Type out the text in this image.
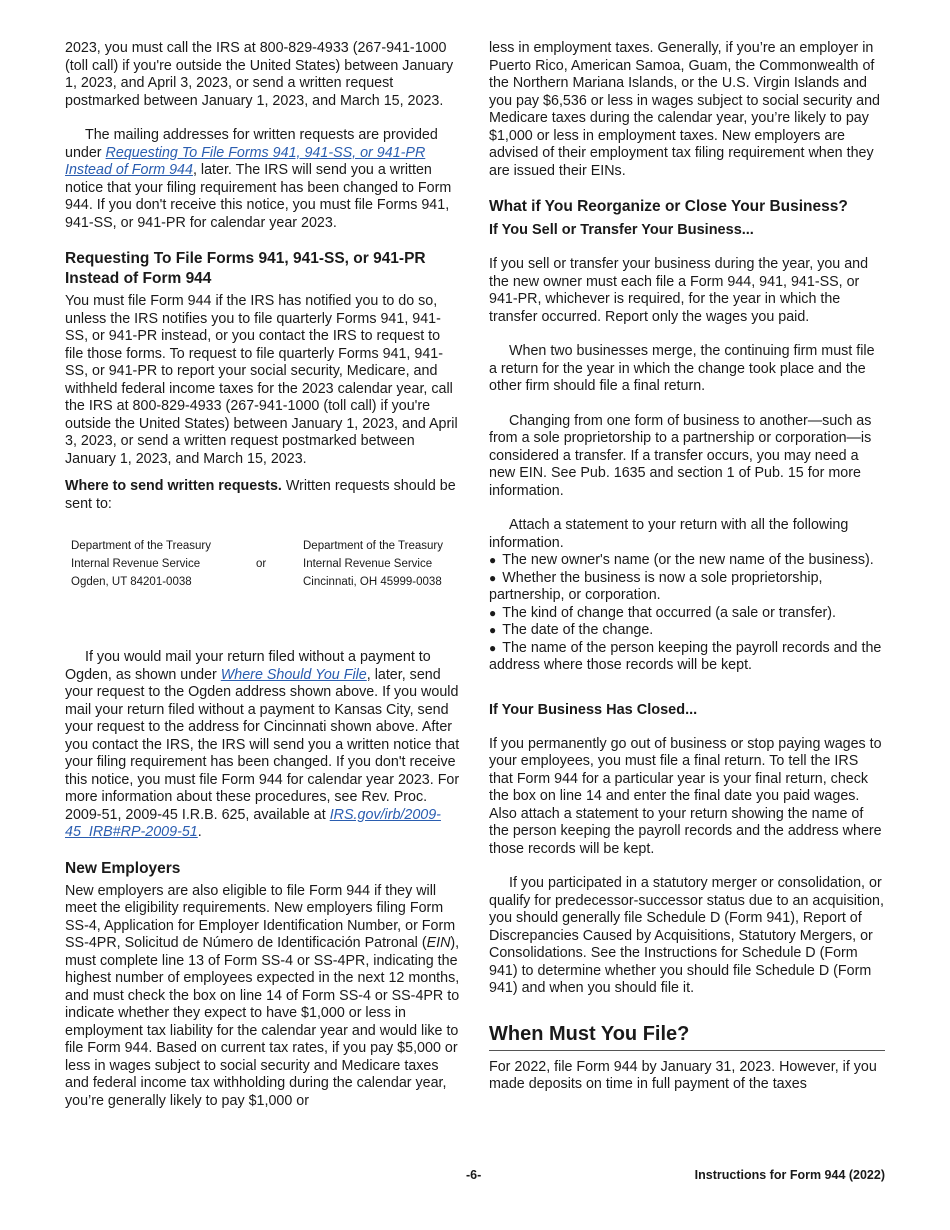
2023, you must call the IRS at 800-829-4933 (267-941-1000 (toll call) if you're outside the United States) between January 1, 2023, and April 3, 2023, or send a written request postmarked between January 1, 2023, and March 15, 2023.

The mailing addresses for written requests are provided under Requesting To File Forms 941, 941-SS, or 941-PR Instead of Form 944, later. The IRS will send you a written notice that your filing requirement has been changed to Form 944. If you don't receive this notice, you must file Forms 941, 941-SS, or 941-PR for calendar year 2023.

Requesting To File Forms 941, 941-SS, or 941-PR Instead of Form 944

You must file Form 944 if the IRS has notified you to do so, unless the IRS notifies you to file quarterly Forms 941, 941-SS, or 941-PR instead, or you contact the IRS to request to file those forms. To request to file quarterly Forms 941, 941-SS, or 941-PR to report your social security, Medicare, and withheld federal income taxes for the 2023 calendar year, call the IRS at 800-829-4933 (267-941-1000 (toll call) if you're outside the United States) between January 1, 2023, and April 3, 2023, or send a written request postmarked between January 1, 2023, and March 15, 2023.

Where to send written requests. Written requests should be sent to:

Department of the Treasury
Internal Revenue Service
Ogden, UT 84201-0038
or
Department of the Treasury
Internal Revenue Service
Cincinnati, OH 45999-0038

If you would mail your return filed without a payment to Ogden, as shown under Where Should You File, later, send your request to the Ogden address shown above. If you would mail your return filed without a payment to Kansas City, send your request to the address for Cincinnati shown above. After you contact the IRS, the IRS will send you a written notice that your filing requirement has been changed. If you don't receive this notice, you must file Form 944 for calendar year 2023. For more information about these procedures, see Rev. Proc. 2009-51, 2009-45 I.R.B. 625, available at IRS.gov/irb/2009-45_IRB#RP-2009-51.

New Employers

New employers are also eligible to file Form 944 if they will meet the eligibility requirements. New employers filing Form SS-4, Application for Employer Identification Number, or Form SS-4PR, Solicitud de Número de Identificación Patronal (EIN), must complete line 13 of Form SS-4 or SS-4PR, indicating the highest number of employees expected in the next 12 months, and must check the box on line 14 of Form SS-4 or SS-4PR to indicate whether they expect to have $1,000 or less in employment tax liability for the calendar year and would like to file Form 944. Based on current tax rates, if you pay $5,000 or less in wages subject to social security and Medicare taxes and federal income tax withholding during the calendar year, you’re generally likely to pay $1,000 or

less in employment taxes. Generally, if you’re an employer in Puerto Rico, American Samoa, Guam, the Commonwealth of the Northern Mariana Islands, or the U.S. Virgin Islands and you pay $6,536 or less in wages subject to social security and Medicare taxes during the calendar year, you’re likely to pay $1,000 or less in employment taxes. New employers are advised of their employment tax filing requirement when they are issued their EINs.

What if You Reorganize or Close Your Business?
If You Sell or Transfer Your Business...

If you sell or transfer your business during the year, you and the new owner must each file a Form 944, 941, 941-SS, or 941-PR, whichever is required, for the year in which the transfer occurred. Report only the wages you paid.

When two businesses merge, the continuing firm must file a return for the year in which the change took place and the other firm should file a final return.

Changing from one form of business to another—such as from a sole proprietorship to a partnership or corporation—is considered a transfer. If a transfer occurs, you may need a new EIN. See Pub. 1635 and section 1 of Pub. 15 for more information.

Attach a statement to your return with all the following information.

● The new owner's name (or the new name of the business).
● Whether the business is now a sole proprietorship, partnership, or corporation.
● The kind of change that occurred (a sale or transfer).
● The date of the change.
● The name of the person keeping the payroll records and the address where those records will be kept.
If Your Business Has Closed...

If you permanently go out of business or stop paying wages to your employees, you must file a final return. To tell the IRS that Form 944 for a particular year is your final return, check the box on line 14 and enter the final date you paid wages. Also attach a statement to your return showing the name of the person keeping the payroll records and the address where those records will be kept.

If you participated in a statutory merger or consolidation, or qualify for predecessor-successor status due to an acquisition, you should generally file Schedule D (Form 941), Report of Discrepancies Caused by Acquisitions, Statutory Mergers, or Consolidations. See the Instructions for Schedule D (Form 941) to determine whether you should file Schedule D (Form 941) and when you should file it.

When Must You File?

For 2022, file Form 944 by January 31, 2023. However, if you made deposits on time in full payment of the taxes

-6-	Instructions for Form 944 (2022)
